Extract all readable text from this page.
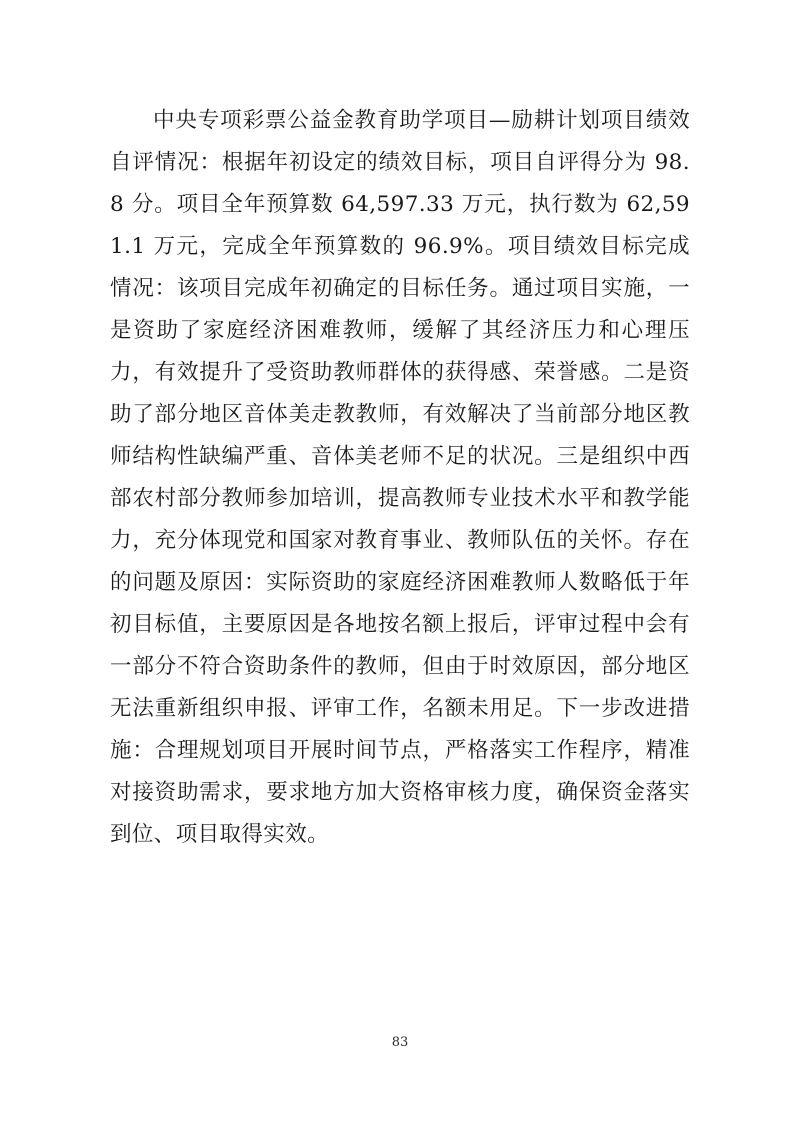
中央专项彩票公益金教育助学项目—励耕计划项目绩效自评情况：根据年初设定的绩效目标，项目自评得分为 98.8 分。项目全年预算数 64,597.33 万元，执行数为 62,591.1 万元，完成全年预算数的 96.9%。项目绩效目标完成情况：该项目完成年初确定的目标任务。通过项目实施，一是资助了家庭经济困难教师，缓解了其经济压力和心理压力，有效提升了受资助教师群体的获得感、荣誉感。二是资助了部分地区音体美走教教师，有效解决了当前部分地区教师结构性缺编严重、音体美老师不足的状况。三是组织中西部农村部分教师参加培训，提高教师专业技术水平和教学能力，充分体现党和国家对教育事业、教师队伍的关怀。存在的问题及原因：实际资助的家庭经济困难教师人数略低于年初目标值，主要原因是各地按名额上报后，评审过程中会有一部分不符合资助条件的教师，但由于时效原因，部分地区无法重新组织申报、评审工作，名额未用足。下一步改进措施：合理规划项目开展时间节点，严格落实工作程序，精准对接资助需求，要求地方加大资格审核力度，确保资金落实到位、项目取得实效。

83
